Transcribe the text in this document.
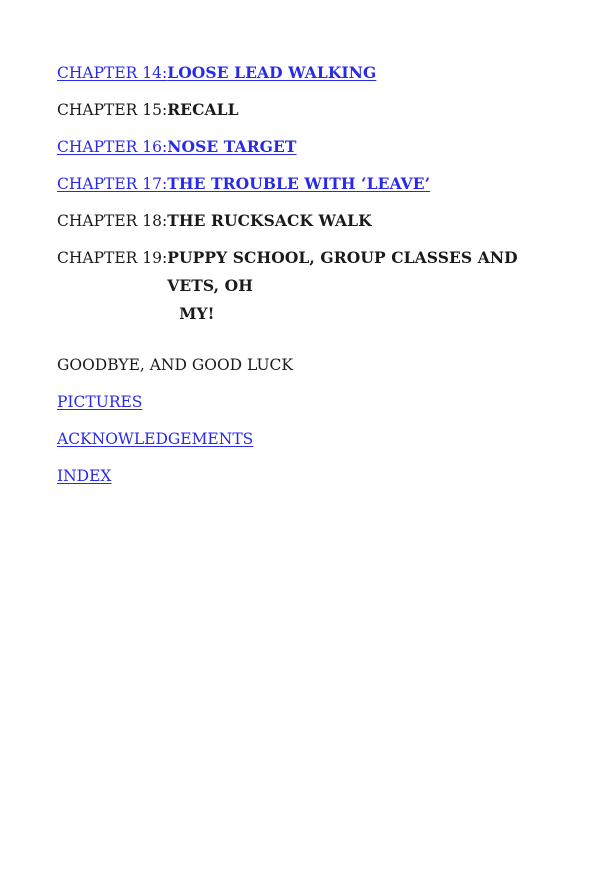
CHAPTER 14: LOOSE LEAD WALKING
CHAPTER 15: RECALL
CHAPTER 16: NOSE TARGET
CHAPTER 17: THE TROUBLE WITH ‘LEAVE’
CHAPTER 18: THE RUCKSACK WALK
CHAPTER 19: PUPPY SCHOOL, GROUP CLASSES AND VETS, OH
MY!
GOODBYE, AND GOOD LUCK
PICTURES
ACKNOWLEDGEMENTS
INDEX
